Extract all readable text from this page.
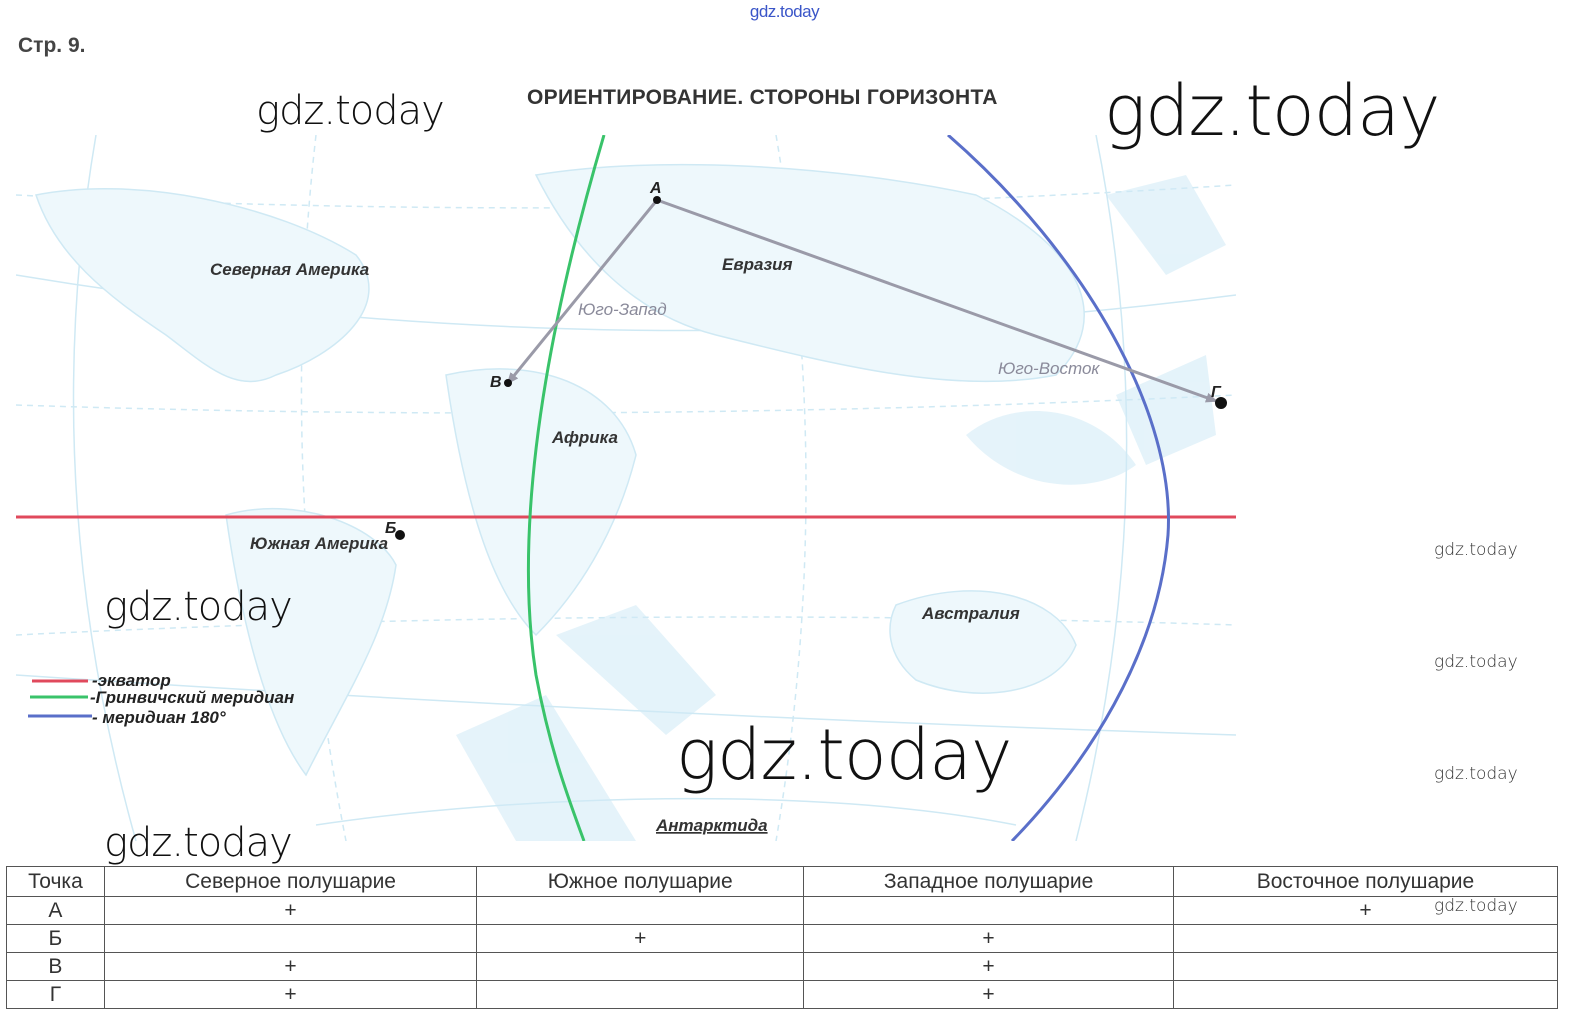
gdz.today
Стр. 9.
ОРИЕНТИРОВАНИЕ. СТОРОНЫ ГОРИЗОНТА
А
В
Г
Б
Северная Америка	Евразия
Африка
Южная Америка
Австралия
Антарктида
Юго-Запад
Юго-Восток
-экватор
-Гринвичский меридиан
- меридиан 180°
gdz.today	gdz.today
gdz.today
gdz.today
gdz.today
gdz.today
gdz.today
gdz.today
Точка	Северное полушарие	Южное полушарие	Западное полушарие	Восточное полушарие
А	+			+
Б		+	+	
В	+		+	
Г	+		+	
gdz.today
